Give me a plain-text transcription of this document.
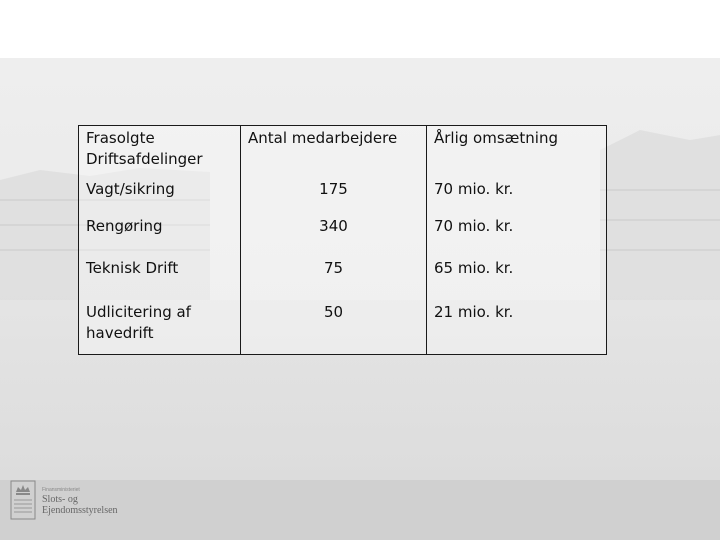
Frasolgte Driftsafdelinger	Antal medarbejdere	Årlig omsætning
Vagt/sikring	175	70 mio. kr.
Rengøring	340	70 mio. kr.
Teknisk Drift	75	65 mio. kr.
Udlicitering af havedrift	50	21 mio. kr.
Finansministeriet
Slots- og
Ejendomsstyrelsen
